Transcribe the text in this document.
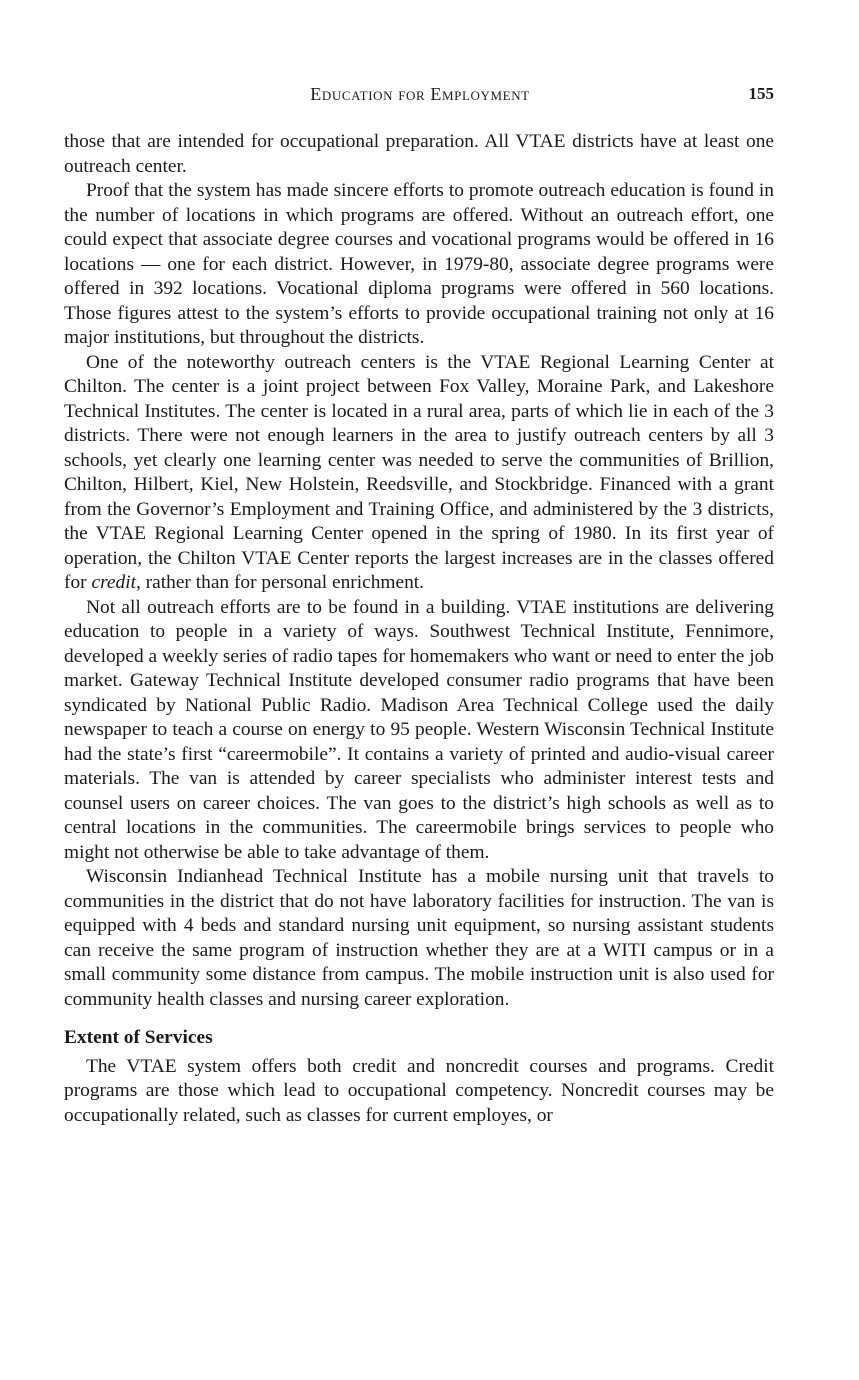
Education for Employment	155

those that are intended for occupational preparation. All VTAE districts have at least one outreach center.

Proof that the system has made sincere efforts to promote outreach education is found in the number of locations in which programs are offered. Without an outreach effort, one could expect that associate degree courses and vocational programs would be offered in 16 locations — one for each district. However, in 1979-80, associate degree programs were offered in 392 locations. Vocational diploma programs were offered in 560 locations. Those figures attest to the system’s efforts to provide occupational training not only at 16 major institutions, but throughout the districts.

One of the noteworthy outreach centers is the VTAE Regional Learning Center at Chilton. The center is a joint project between Fox Valley, Moraine Park, and Lakeshore Technical Institutes. The center is located in a rural area, parts of which lie in each of the 3 districts. There were not enough learners in the area to justify outreach centers by all 3 schools, yet clearly one learning center was needed to serve the communities of Brillion, Chilton, Hilbert, Kiel, New Holstein, Reedsville, and Stockbridge. Financed with a grant from the Governor’s Employment and Training Office, and administered by the 3 districts, the VTAE Regional Learning Center opened in the spring of 1980. In its first year of operation, the Chilton VTAE Center reports the largest increases are in the classes offered for credit, rather than for personal enrichment.

Not all outreach efforts are to be found in a building. VTAE institutions are delivering education to people in a variety of ways. Southwest Technical Institute, Fennimore, developed a weekly series of radio tapes for homemakers who want or need to enter the job market. Gateway Technical Institute developed consumer radio programs that have been syndicated by National Public Radio. Madison Area Technical College used the daily newspaper to teach a course on energy to 95 people. Western Wisconsin Technical Institute had the state’s first “careermobile”. It contains a variety of printed and audio-visual career materials. The van is attended by career specialists who administer interest tests and counsel users on career choices. The van goes to the district’s high schools as well as to central locations in the communities. The careermobile brings services to people who might not otherwise be able to take advantage of them.

Wisconsin Indianhead Technical Institute has a mobile nursing unit that travels to communities in the district that do not have laboratory facilities for instruction. The van is equipped with 4 beds and standard nursing unit equipment, so nursing assistant students can receive the same program of instruction whether they are at a WITI campus or in a small community some distance from campus. The mobile instruction unit is also used for community health classes and nursing career exploration.

Extent of Services

The VTAE system offers both credit and noncredit courses and programs. Credit programs are those which lead to occupational competency. Noncredit courses may be occupationally related, such as classes for current employes, or
